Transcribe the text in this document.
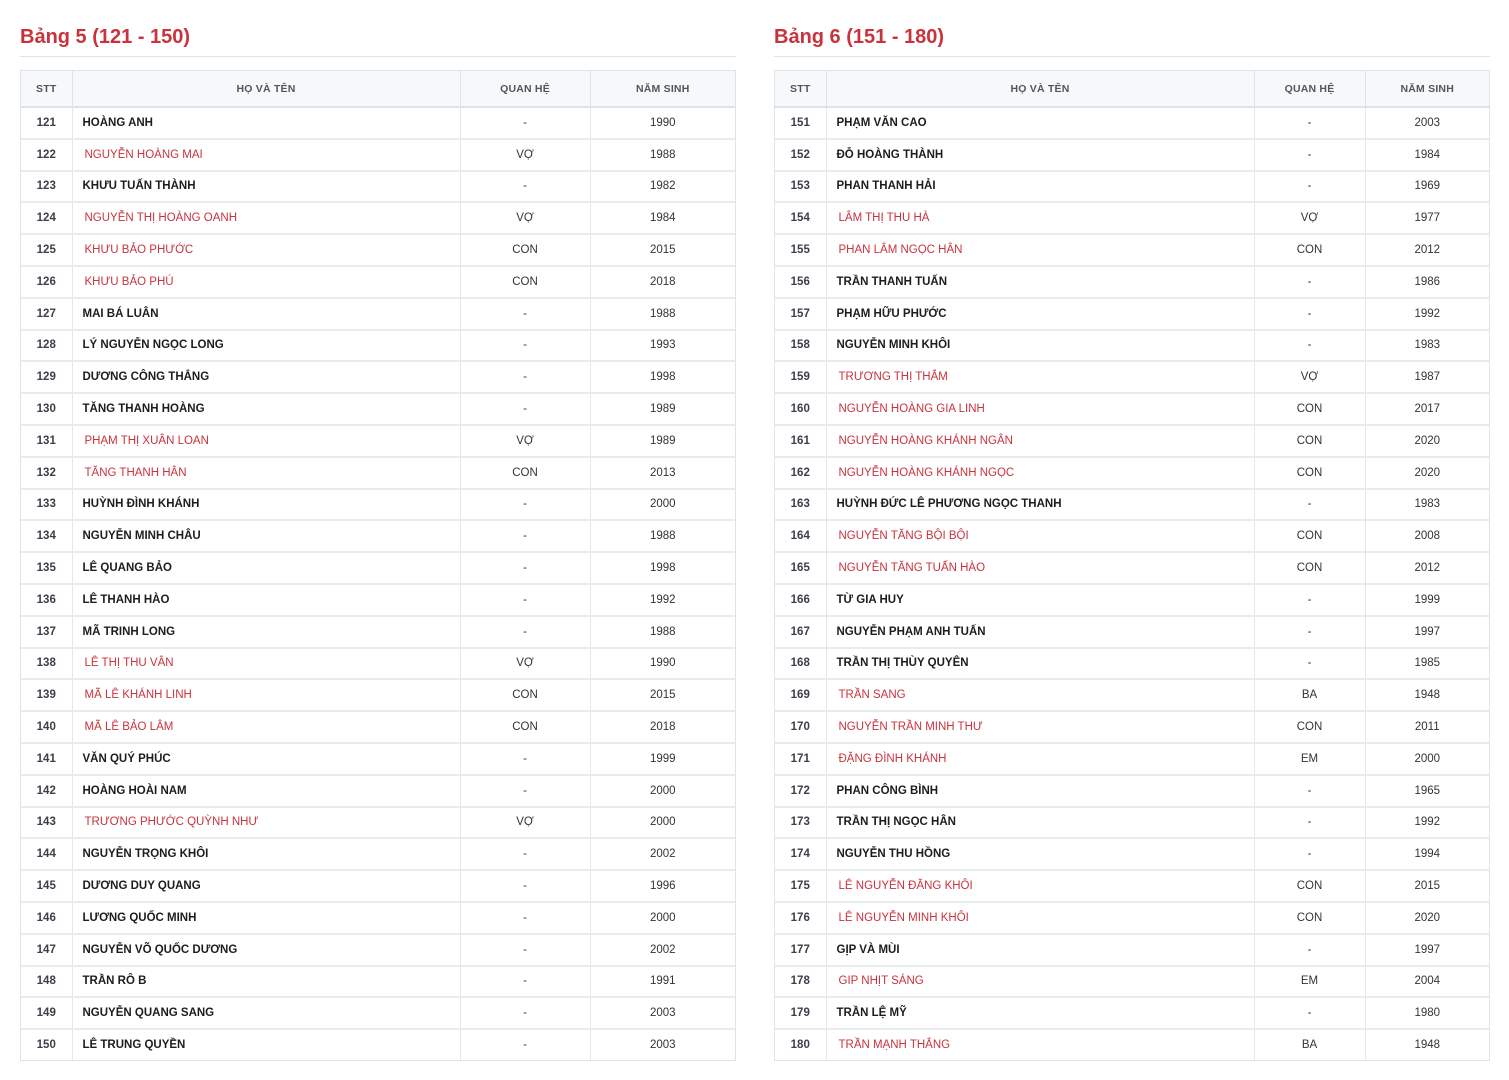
Bảng 5 (121 - 150)
STT	HỌ VÀ TÊN	QUAN HỆ	NĂM SINH
121	HOÀNG ANH	-	1990
122	NGUYỄN HOÀNG MAI	VỢ	1988
123	KHƯU TUẤN THÀNH	-	1982
124	NGUYỄN THỊ HOÀNG OANH	VỢ	1984
125	KHƯU BẢO PHƯỚC	CON	2015
126	KHƯU BẢO PHÚ	CON	2018
127	MAI BÁ LUÂN	-	1988
128	LÝ NGUYỄN NGỌC LONG	-	1993
129	DƯƠNG CÔNG THẮNG	-	1998
130	TĂNG THANH HOÀNG	-	1989
131	PHẠM THỊ XUÂN LOAN	VỢ	1989
132	TĂNG THANH HÂN	CON	2013
133	HUỲNH ĐÌNH KHÁNH	-	2000
134	NGUYỄN MINH CHÂU	-	1988
135	LÊ QUANG BẢO	-	1998
136	LÊ THANH HÀO	-	1992
137	MÃ TRINH LONG	-	1988
138	LÊ THỊ THU VÂN	VỢ	1990
139	MÃ LÊ KHÁNH LINH	CON	2015
140	MÃ LÊ BẢO LÂM	CON	2018
141	VĂN QUÝ PHÚC	-	1999
142	HOÀNG HOÀI NAM	-	2000
143	TRƯƠNG PHƯỚC QUỲNH NHƯ	VỢ	2000
144	NGUYỄN TRỌNG KHÔI	-	2002
145	DƯƠNG DUY QUANG	-	1996
146	LƯƠNG QUỐC MINH	-	2000
147	NGUYỄN VÕ QUỐC DƯƠNG	-	2002
148	TRẦN RÔ B	-	1991
149	NGUYỄN QUANG SANG	-	2003
150	LÊ TRUNG QUYỀN	-	2003
Bảng 6 (151 - 180)
STT	HỌ VÀ TÊN	QUAN HỆ	NĂM SINH
151	PHẠM VĂN CAO	-	2003
152	ĐỖ HOÀNG THÀNH	-	1984
153	PHAN THANH HẢI	-	1969
154	LÂM THỊ THU HÀ	VỢ	1977
155	PHAN LÂM NGỌC HÂN	CON	2012
156	TRẦN THANH TUẤN	-	1986
157	PHẠM HỮU PHƯỚC	-	1992
158	NGUYỄN MINH KHÔI	-	1983
159	TRƯƠNG THỊ THẮM	VỢ	1987
160	NGUYỄN HOÀNG GIA LINH	CON	2017
161	NGUYỄN HOÀNG KHÁNH NGÂN	CON	2020
162	NGUYỄN HOÀNG KHÁNH NGỌC	CON	2020
163	HUỲNH ĐỨC LÊ PHƯƠNG NGỌC THANH	-	1983
164	NGUYỄN TĂNG BỘI BỘI	CON	2008
165	NGUYỄN TĂNG TUẤN HÀO	CON	2012
166	TỪ GIA HUY	-	1999
167	NGUYỄN PHẠM ANH TUẤN	-	1997
168	TRẦN THỊ THÙY QUYÊN	-	1985
169	TRẦN SANG	BA	1948
170	NGUYỄN TRẦN MINH THƯ	CON	2011
171	ĐẶNG ĐÌNH KHÁNH	EM	2000
172	PHAN CÔNG BÌNH	-	1965
173	TRẦN THỊ NGỌC HÂN	-	1992
174	NGUYỄN THU HỒNG	-	1994
175	LÊ NGUYỄN ĐĂNG KHÔI	CON	2015
176	LÊ NGUYỄN MINH KHÔI	CON	2020
177	GỊP VÀ MÙI	-	1997
178	GIP NHỊT SÁNG	EM	2004
179	TRẦN LỆ MỸ	-	1980
180	TRẦN MẠNH THẮNG	BA	1948
